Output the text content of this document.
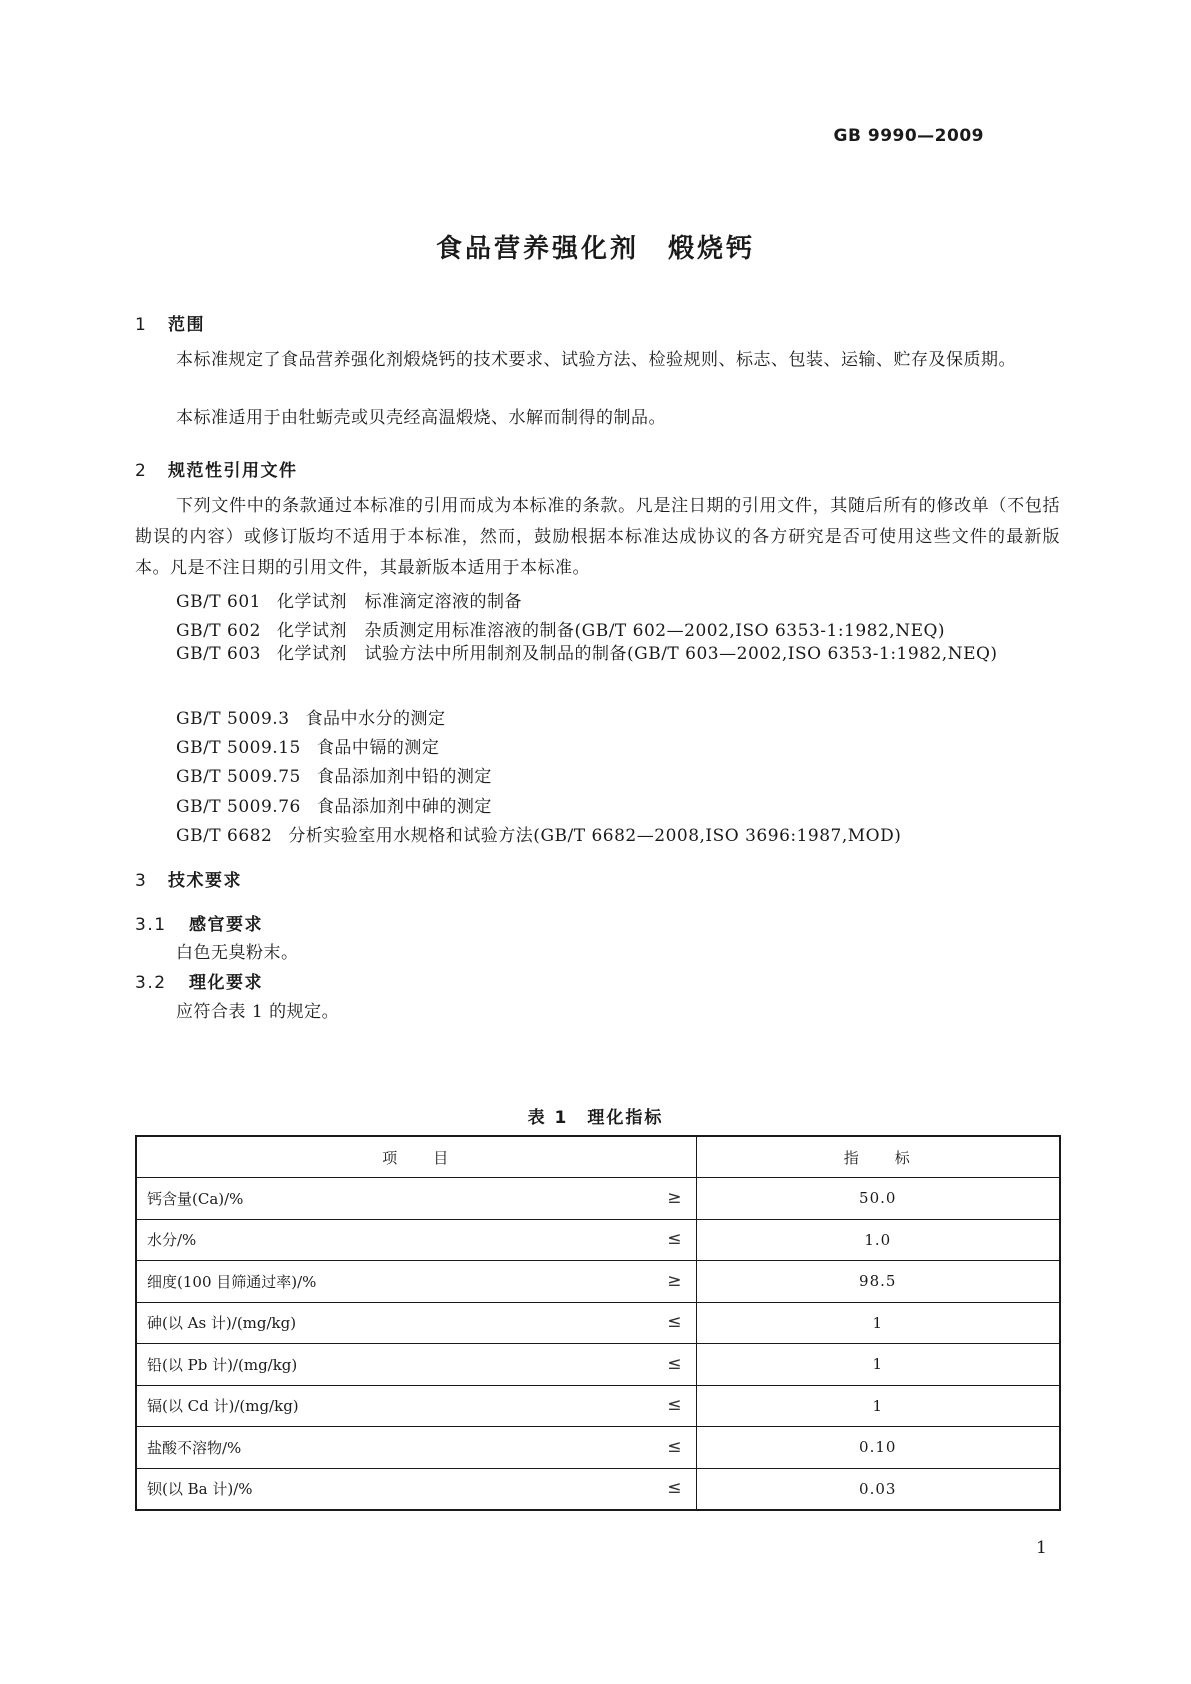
GB 9990—2009
食品营养强化剂　煅烧钙
1 范围
本标准规定了食品营养强化剂煅烧钙的技术要求、试验方法、检验规则、标志、包装、运输、贮存及保质期。
本标准适用于由牡蛎壳或贝壳经高温煅烧、水解而制得的制品。
2 规范性引用文件
下列文件中的条款通过本标准的引用而成为本标准的条款。凡是注日期的引用文件，其随后所有的修改单（不包括勘误的内容）或修订版均不适用于本标准，然而，鼓励根据本标准达成协议的各方研究是否可使用这些文件的最新版本。凡是不注日期的引用文件，其最新版本适用于本标准。
GB/T 601 化学试剂　标准滴定溶液的制备
GB/T 602 化学试剂　杂质测定用标准溶液的制备(GB/T 602—2002,ISO 6353-1:1982,NEQ)
GB/T 603 化学试剂　试验方法中所用制剂及制品的制备(GB/T 603—2002,ISO 6353-1:1982,NEQ)
GB/T 5009.3 食品中水分的测定
GB/T 5009.15 食品中镉的测定
GB/T 5009.75 食品添加剂中铅的测定
GB/T 5009.76 食品添加剂中砷的测定
GB/T 6682 分析实验室用水规格和试验方法(GB/T 6682—2008,ISO 3696:1987,MOD)
3 技术要求
3.1 感官要求
白色无臭粉末。
3.2 理化要求
应符合表 1 的规定。
表 1　理化指标
项　　目	指　　标

钙含量(Ca)/% ≥	50.0

水分/% ≤	1.0

细度(100 目筛通过率)/% ≥	98.5

砷(以 As 计)/(mg/kg) ≤	1

铅(以 Pb 计)/(mg/kg) ≤	1

镉(以 Cd 计)/(mg/kg) ≤	1

盐酸不溶物/% ≤	0.10

钡(以 Ba 计)/% ≤	0.03
1
